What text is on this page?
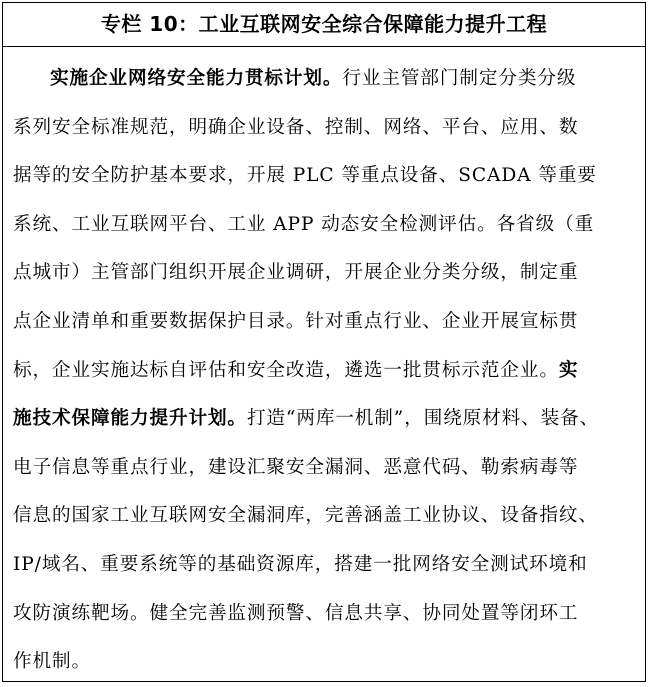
专栏 10：工业互联网安全综合保障能力提升工程
实施企业网络安全能力贯标计划。行业主管部门制定分类分级
系列安全标准规范，明确企业设备、控制、网络、平台、应用、数
据等的安全防护基本要求，开展 PLC 等重点设备、SCADA 等重要
系统、工业互联网平台、工业 APP 动态安全检测评估。各省级（重
点城市）主管部门组织开展企业调研，开展企业分类分级，制定重
点企业清单和重要数据保护目录。针对重点行业、企业开展宣标贯
标，企业实施达标自评估和安全改造，遴选一批贯标示范企业。实
施技术保障能力提升计划。打造“两库一机制”，围绕原材料、装备、
电子信息等重点行业，建设汇聚安全漏洞、恶意代码、勒索病毒等
信息的国家工业互联网安全漏洞库，完善涵盖工业协议、设备指纹、
IP/域名、重要系统等的基础资源库，搭建一批网络安全测试环境和
攻防演练靶场。健全完善监测预警、信息共享、协同处置等闭环工
作机制。
